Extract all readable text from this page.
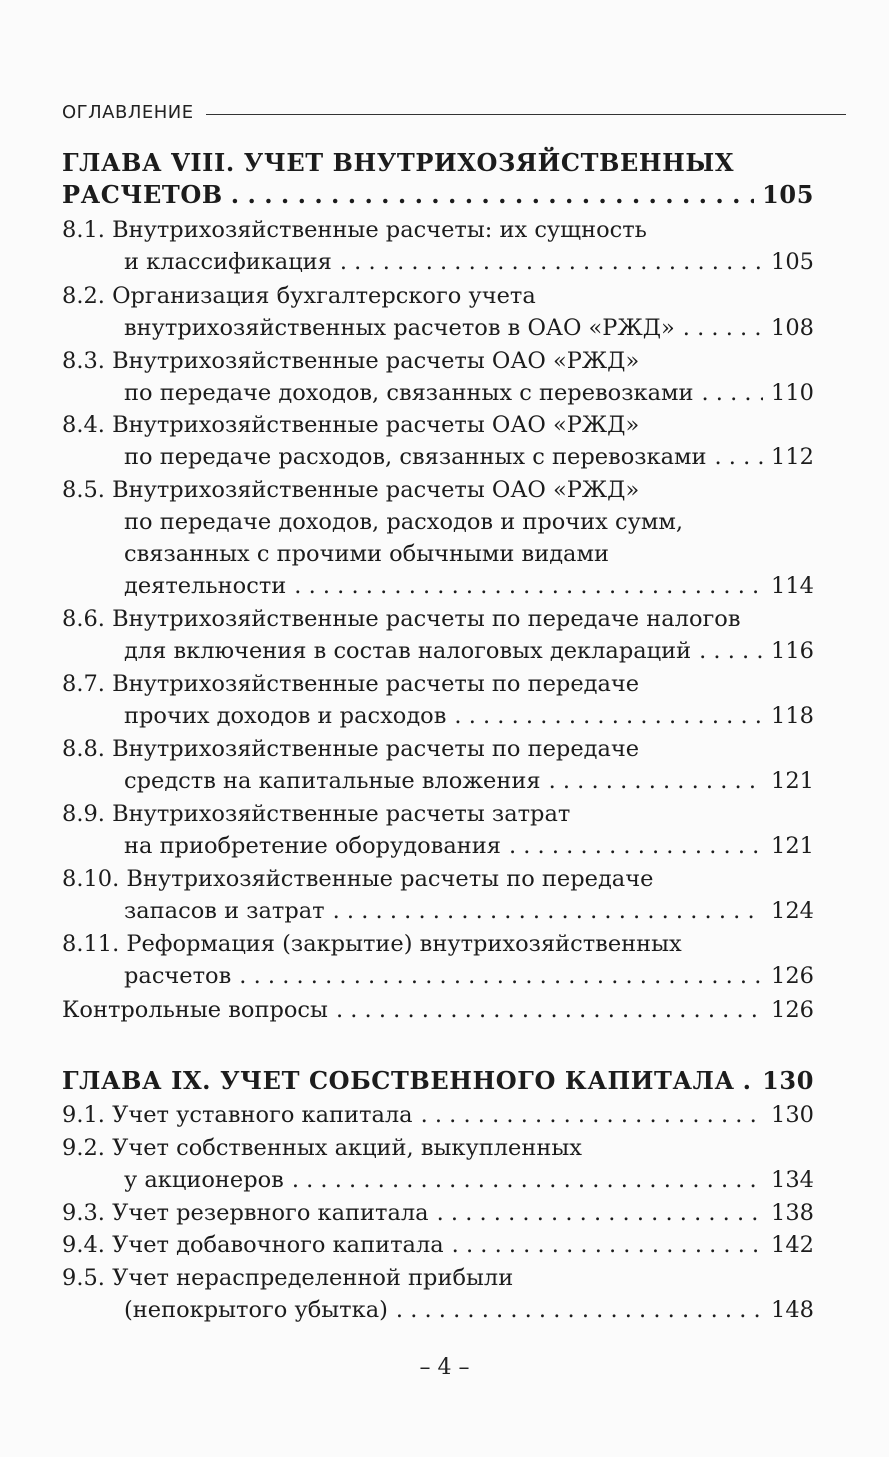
ОГЛАВЛЕНИЕ
ГЛАВА VIII. УЧЕТ ВНУТРИХОЗЯЙСТВЕННЫХ
РАСЧЕТОВ . . .	105
8.1. Внутрихозяйственные расчеты: их сущность
и классификация . . .	105
8.2. Организация бухгалтерского учета
внутрихозяйственных расчетов в ОАО «РЖД» . . .	108
8.3. Внутрихозяйственные расчеты ОАО «РЖД»
по передаче доходов, связанных с перевозками . . .	110
8.4. Внутрихозяйственные расчеты ОАО «РЖД»
по передаче расходов, связанных с перевозками . . .	112
8.5. Внутрихозяйственные расчеты ОАО «РЖД»
по передаче доходов, расходов и прочих сумм,
связанных с прочими обычными видами
деятельности . . .	114
8.6. Внутрихозяйственные расчеты по передаче налогов
для включения в состав налоговых деклараций . . .	116
8.7. Внутрихозяйственные расчеты по передаче
прочих доходов и расходов . . .	118
8.8. Внутрихозяйственные расчеты по передаче
средств на капитальные вложения . . .	121
8.9. Внутрихозяйственные расчеты затрат
на приобретение оборудования . . .	121
8.10. Внутрихозяйственные расчеты по передаче
запасов и затрат . . .	124
8.11. Реформация (закрытие) внутрихозяйственных
расчетов . . .	126
Контрольные вопросы . . .	126
ГЛАВА IX. УЧЕТ СОБСТВЕННОГО КАПИТАЛА . . . 130
9.1. Учет уставного капитала . . .	130
9.2. Учет собственных акций, выкупленных
у акционеров . . .	134
9.3. Учет резервного капитала . . .	138
9.4. Учет добавочного капитала . . .	142
9.5. Учет нераспределенной прибыли
(непокрытого убытка) . . .	148
– 4 –
